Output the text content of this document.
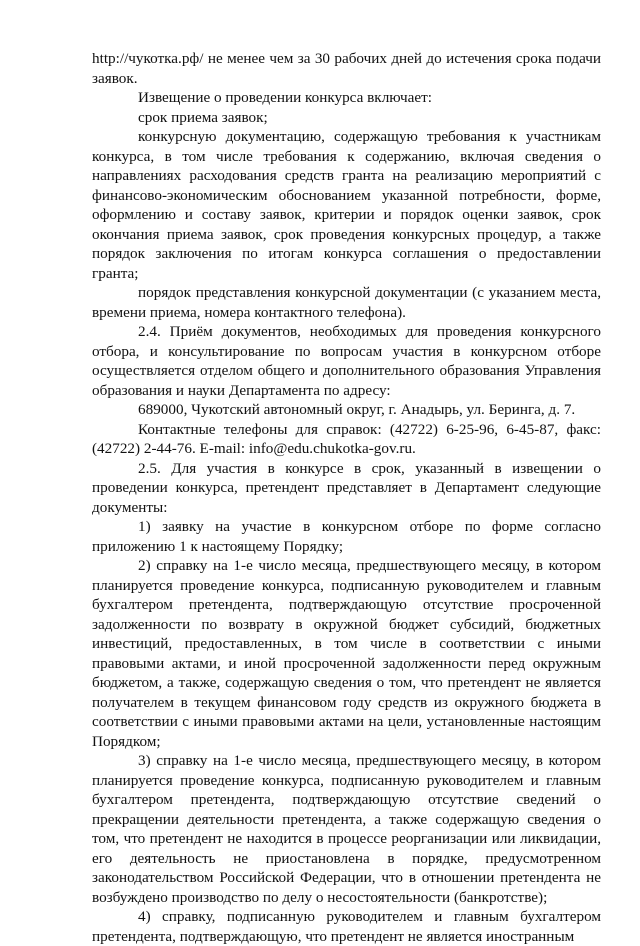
http://чукотка.рф/ не менее чем за 30 рабочих дней до истечения срока подачи заявок.

Извещение о проведении конкурса включает:

срок приема заявок;

конкурсную документацию, содержащую требования к участникам конкурса, в том числе требования к содержанию, включая сведения о направлениях расходования средств гранта на реализацию мероприятий с финансово-экономическим обоснованием указанной потребности, форме, оформлению и составу заявок, критерии и порядок оценки заявок, срок окончания приема заявок, срок проведения конкурсных процедур, а также порядок заключения по итогам конкурса соглашения о предоставлении гранта;

порядок представления конкурсной документации (с указанием места, времени приема, номера контактного телефона).

2.4. Приём документов, необходимых для проведения конкурсного отбора, и консультирование по вопросам участия в конкурсном отборе осуществляется отделом общего и дополнительного образования Управления образования и науки Департамента по адресу:

689000, Чукотский автономный округ, г. Анадырь, ул. Беринга, д. 7.

Контактные телефоны для справок: (42722) 6-25-96, 6-45-87, факс: (42722) 2-44-76. E-mail: info@edu.chukotka-gov.ru.

2.5. Для участия в конкурсе в срок, указанный в извещении о проведении конкурса, претендент представляет в Департамент следующие документы:

1) заявку на участие в конкурсном отборе по форме согласно приложению 1 к настоящему Порядку;

2) справку на 1-е число месяца, предшествующего месяцу, в котором планируется проведение конкурса, подписанную руководителем и главным бухгалтером претендента, подтверждающую отсутствие просроченной задолженности по возврату в окружной бюджет субсидий, бюджетных инвестиций, предоставленных, в том числе в соответствии с иными правовыми актами, и иной просроченной задолженности перед окружным бюджетом, а также, содержащую сведения о том, что претендент не является получателем в текущем финансовом году средств из окружного бюджета в соответствии с иными правовыми актами на цели, установленные настоящим Порядком;

3) справку на 1-е число месяца, предшествующего месяцу, в котором планируется проведение конкурса, подписанную руководителем и главным бухгалтером претендента, подтверждающую отсутствие сведений о прекращении деятельности претендента, а также содержащую сведения о том, что претендент не находится в процессе реорганизации или ликвидации, его деятельность не приостановлена в порядке, предусмотренном законодательством Российской Федерации, что в отношении претендента не возбуждено производство по делу о несостоятельности (банкротстве);

4) справку, подписанную руководителем и главным бухгалтером претендента, подтверждающую, что претендент не является иностранным
